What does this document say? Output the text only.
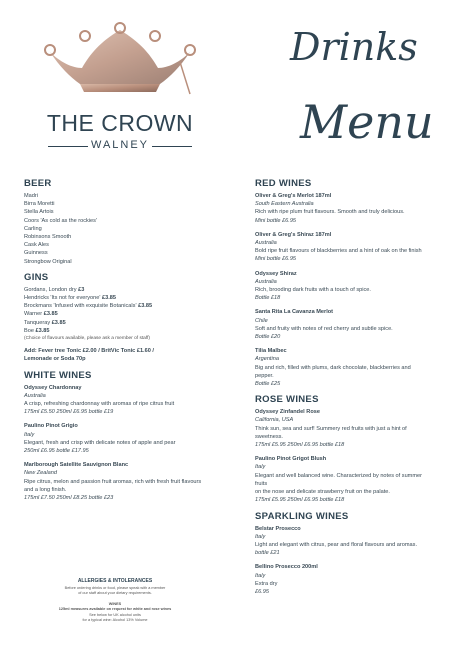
THE CROWN
WALNEY
Drinks
Menu
BEER
Madri
Birra Moretti
Stella Artois
Coors 'As cold as the rockies'
Carling
Robinsons Smooth
Cask Ales
Guinness
Strongbow Original
GINS
Gordans, London dry £3
Hendricks 'Its not for everyone' £3.85
Brockmans 'Infused with exquisite Botanicals' £3.85
Warner £3.85
Tanqueray £3.85
Boe £3.85
(Choice of flavours available, please ask a member of staff)
Add: Fever tree Tonic £2.00 / BritVic Tonic £1.60 /
Lemonade or Soda 70p
WHITE WINES
Odyssey Chardonnay
Australia
A crisp, refreshing chardonnay with aromas of ripe citrus fruit
175ml £5.50 250ml £6.95 bottle £19
Paulino Pinot Grigio
Italy
Elegant, fresh and crisp with delicate notes of apple and pear
250ml £6.95 bottle £17.95
Marlborough Satellite Sauvignon Blanc
New Zealand
Ripe citrus, melon and passion fruit aromas, rich with fresh fruit flavours
and a long finish.
175ml £7.50 250ml £8.25 bottle £23
RED WINES
Oliver & Greg's Merlot 187ml
South Eastern Australia
Rich with ripe plum fruit flavours. Smooth and truly delicious.
Mini bottle £6.95
Oliver & Greg's Shiraz 187ml
Australia
Bold ripe fruit flavours of blackberries and a hint of oak on the finish
Mini bottle £6.95
Odyssey Shiraz
Australia
Rich, brooding dark fruits with a touch of spice.
Bottle £18
Santa Rita La Cavanza Merlot
Chile
Soft and fruity with notes of red cherry and subtle spice.
Bottle £20
Tilia Malbec
Argentina
Big and rich, filled with plums, dark chocolate, blackberries and
pepper.
Bottle £25
ROSE WINES
Odyssey Zinfandel Rose
California, USA
Think sun, sea and surf! Summery red fruits with just a hint of
sweetness.
175ml £5.95 250ml £6.95 bottle £18
Paulino Pinot Grigot Blush
Italy
Elegant and well balanced wine. Characterized by notes of summer
fruits
on the nose and delicate strawberry fruit on the palate.
175ml £5.95 250ml £6.95 bottle £18
SPARKLING WINES
Belstar Prosecco
Italy
Light and elegant with citrus, pear and floral flavours and aromas.
bottle £21
Bellino Prosecco 200ml
Italy
Extra dry
£6.95
ALLERGIES & INTOLERANCES
Before ordering drinks or food, please speak with a member
of our staff about your dietary requirements.
WINES
125ml measures available on request for white and rose wines
See below for UK alcohol units
for a typical wine: Alcohol 13% Volume
